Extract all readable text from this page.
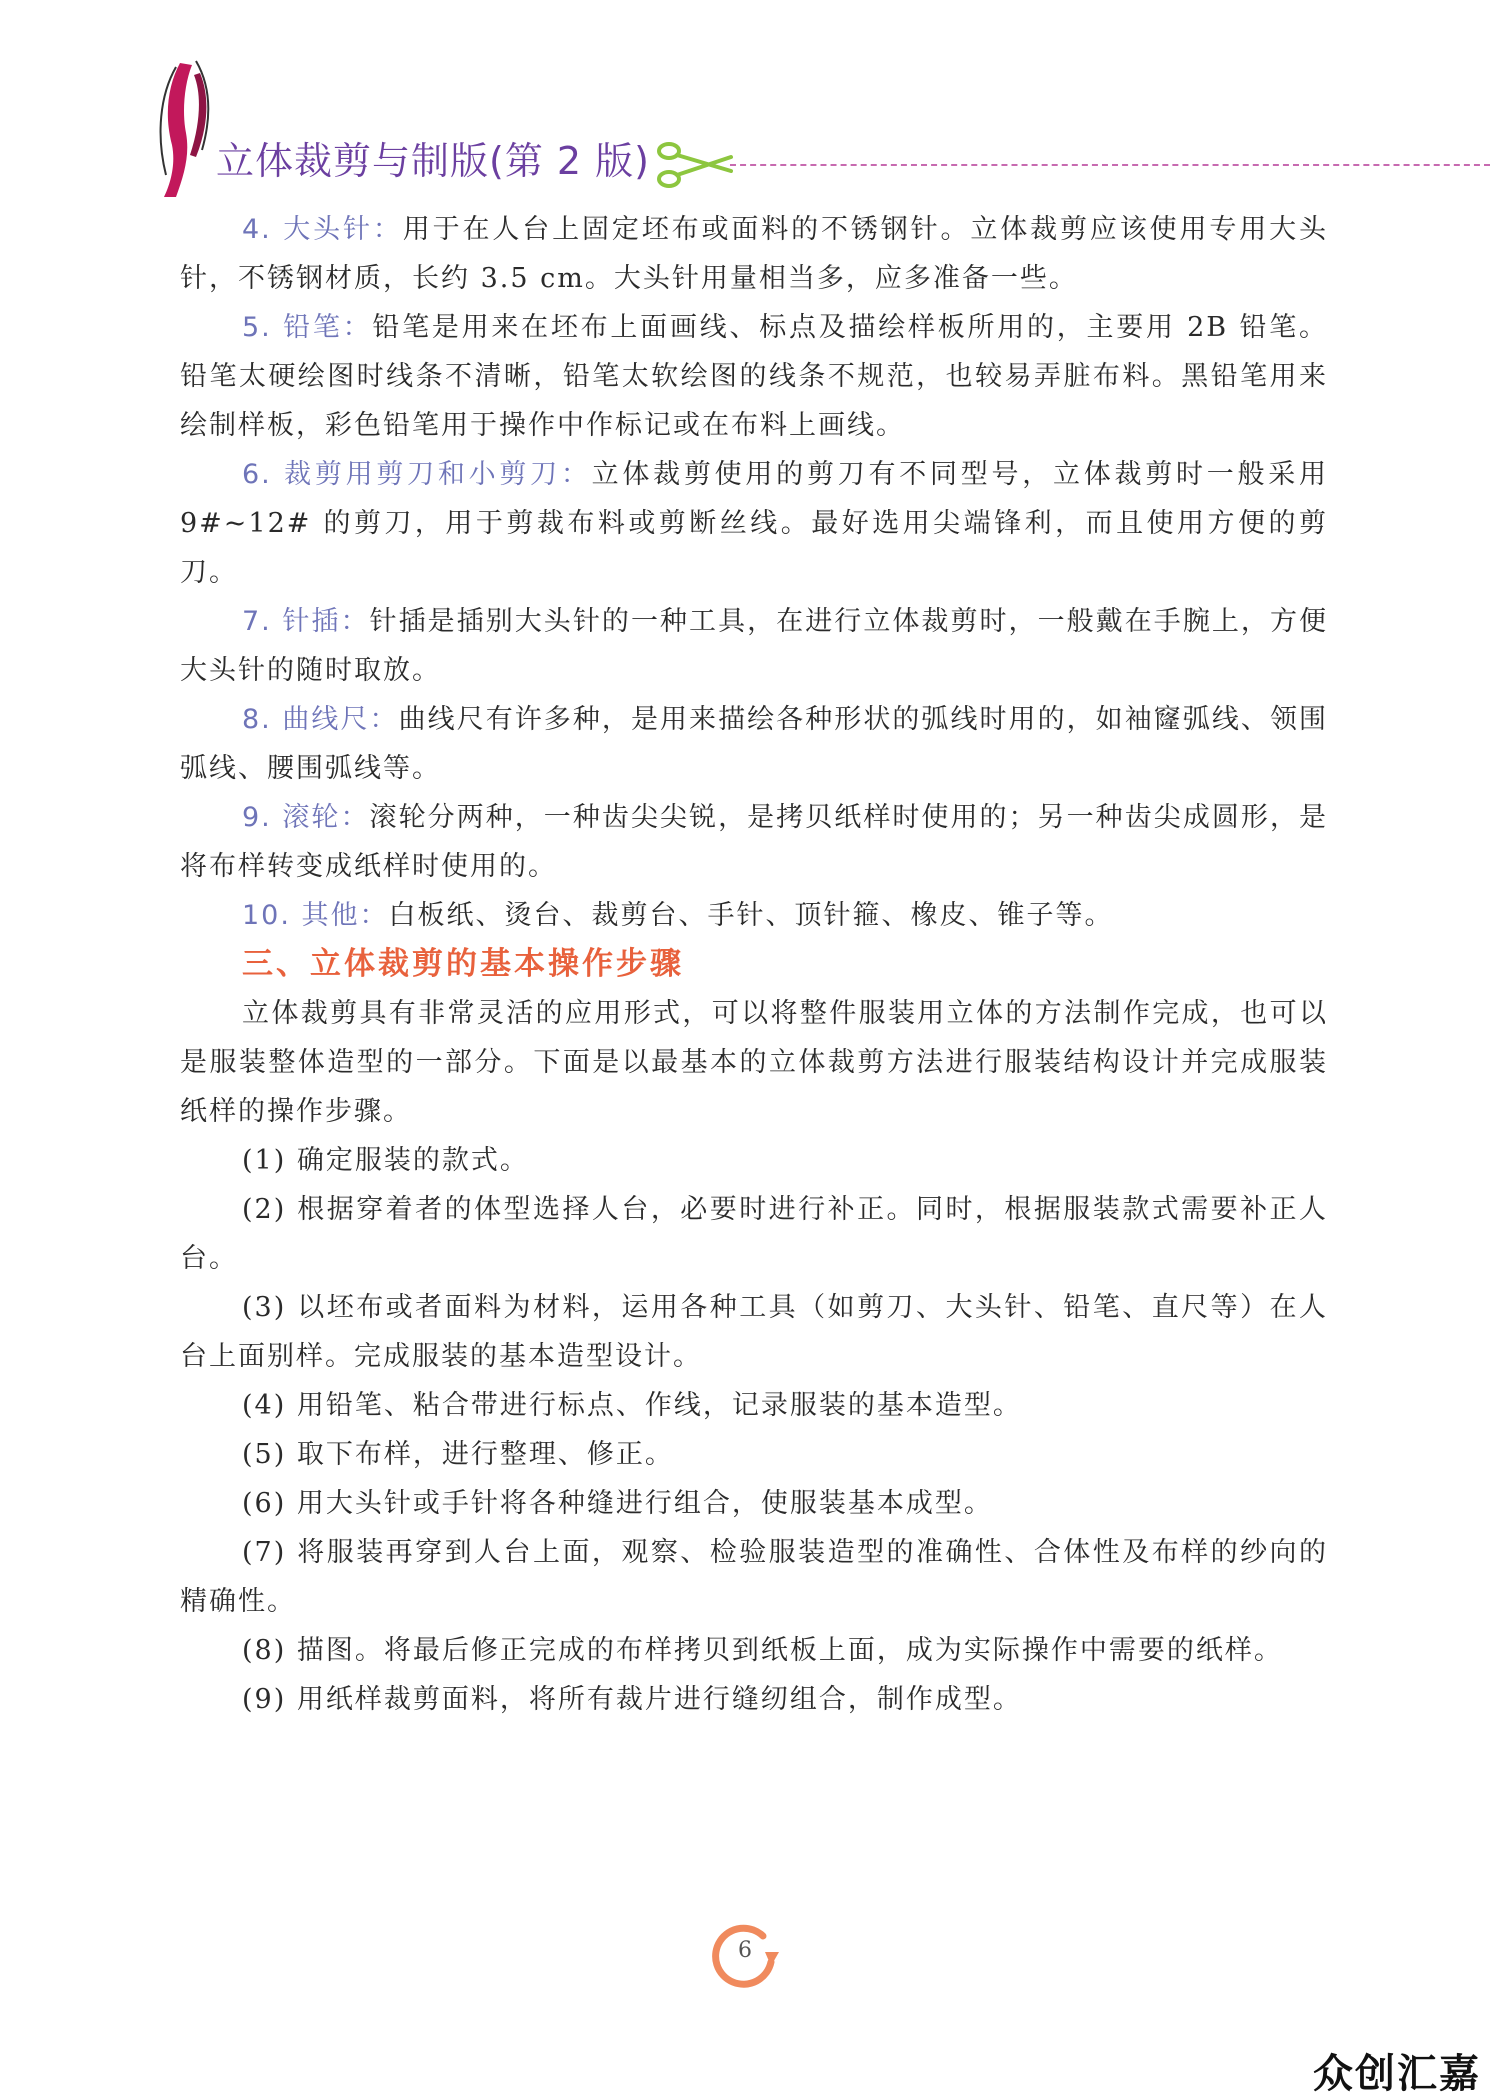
立体裁剪与制版(第 2 版)

4. 大头针：用于在人台上固定坯布或面料的不锈钢针。立体裁剪应该使用专用大头针，不锈钢材质，长约 3.5 cm。大头针用量相当多，应多准备一些。

5. 铅笔：铅笔是用来在坯布上面画线、标点及描绘样板所用的，主要用 2B 铅笔。铅笔太硬绘图时线条不清晰，铅笔太软绘图的线条不规范，也较易弄脏布料。黑铅笔用来绘制样板，彩色铅笔用于操作中作标记或在布料上画线。

6. 裁剪用剪刀和小剪刀：立体裁剪使用的剪刀有不同型号，立体裁剪时一般采用 9#~12# 的剪刀，用于剪裁布料或剪断丝线。最好选用尖端锋利，而且使用方便的剪刀。

7. 针插：针插是插别大头针的一种工具，在进行立体裁剪时，一般戴在手腕上，方便大头针的随时取放。

8. 曲线尺：曲线尺有许多种，是用来描绘各种形状的弧线时用的，如袖窿弧线、领围弧线、腰围弧线等。

9. 滚轮：滚轮分两种，一种齿尖尖锐，是拷贝纸样时使用的；另一种齿尖成圆形，是将布样转变成纸样时使用的。

10. 其他：白板纸、烫台、裁剪台、手针、顶针箍、橡皮、锥子等。

三、立体裁剪的基本操作步骤

立体裁剪具有非常灵活的应用形式，可以将整件服装用立体的方法制作完成，也可以是服装整体造型的一部分。下面是以最基本的立体裁剪方法进行服装结构设计并完成服装纸样的操作步骤。

(1) 确定服装的款式。

(2) 根据穿着者的体型选择人台，必要时进行补正。同时，根据服装款式需要补正人台。

(3) 以坯布或者面料为材料，运用各种工具（如剪刀、大头针、铅笔、直尺等）在人台上面别样。完成服装的基本造型设计。

(4) 用铅笔、粘合带进行标点、作线，记录服装的基本造型。

(5) 取下布样，进行整理、修正。

(6) 用大头针或手针将各种缝进行组合，使服装基本成型。

(7) 将服装再穿到人台上面，观察、检验服装造型的准确性、合体性及布样的纱向的精确性。

(8) 描图。将最后修正完成的布样拷贝到纸板上面，成为实际操作中需要的纸样。

(9) 用纸样裁剪面料，将所有裁片进行缝纫组合，制作成型。

6
众创汇嘉
